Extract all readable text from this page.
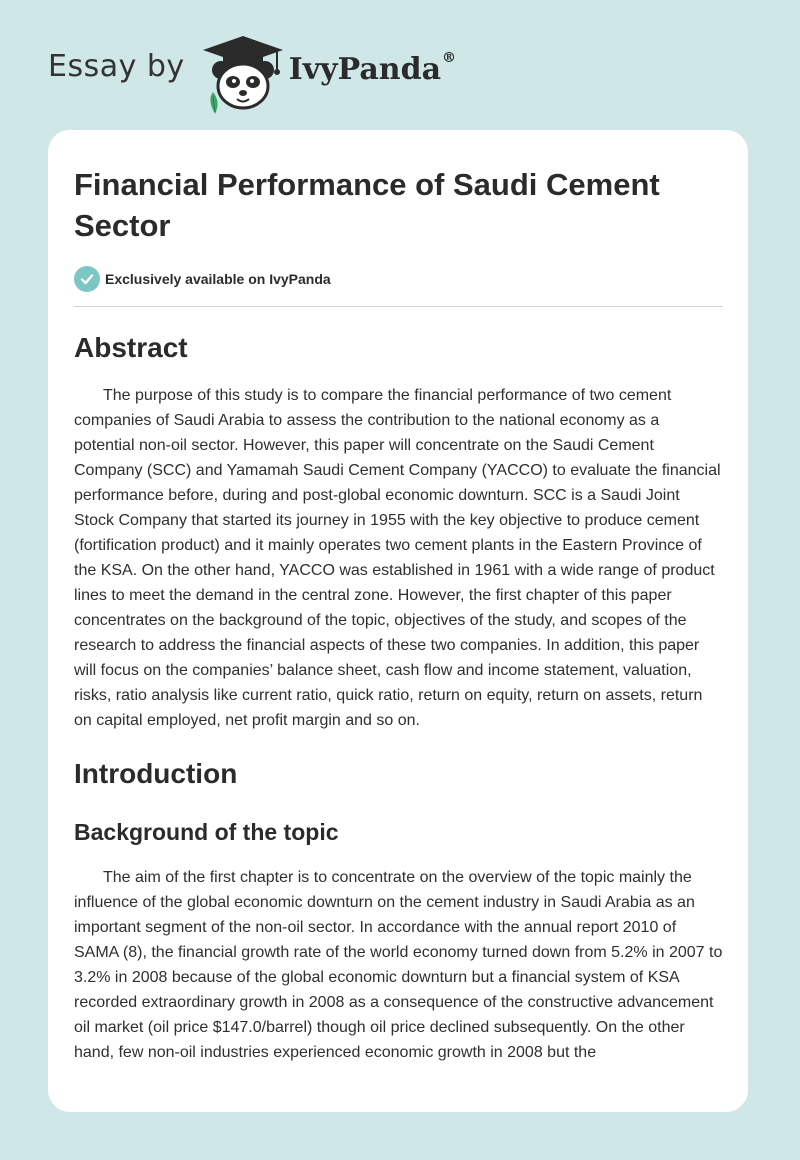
Essay by	IvyPanda®
Financial Performance of Saudi Cement Sector
Exclusively available on IvyPanda
Abstract

The purpose of this study is to compare the financial performance of two cement companies of Saudi Arabia to assess the contribution to the national economy as a potential non-oil sector. However, this paper will concentrate on the Saudi Cement Company (SCC) and Yamamah Saudi Cement Company (YACCO) to evaluate the financial performance before, during and post-global economic downturn. SCC is a Saudi Joint Stock Company that started its journey in 1955 with the key objective to produce cement (fortification product) and it mainly operates two cement plants in the Eastern Province of the KSA. On the other hand, YACCO was established in 1961 with a wide range of product lines to meet the demand in the central zone. However, the first chapter of this paper concentrates on the background of the topic, objectives of the study, and scopes of the research to address the financial aspects of these two companies. In addition, this paper will focus on the companies’ balance sheet, cash flow and income statement, valuation, risks, ratio analysis like current ratio, quick ratio, return on equity, return on assets, return on capital employed, net profit margin and so on.

Introduction
Background of the topic

The aim of the first chapter is to concentrate on the overview of the topic mainly the influence of the global economic downturn on the cement industry in Saudi Arabia as an important segment of the non-oil sector. In accordance with the annual report 2010 of SAMA (8), the financial growth rate of the world economy turned down from 5.2% in 2007 to 3.2% in 2008 because of the global economic downturn but a financial system of KSA recorded extraordinary growth in 2008 as a consequence of the constructive advancement oil market (oil price $147.0/barrel) though oil price declined subsequently. On the other hand, few non-oil industries experienced economic growth in 2008 but the
